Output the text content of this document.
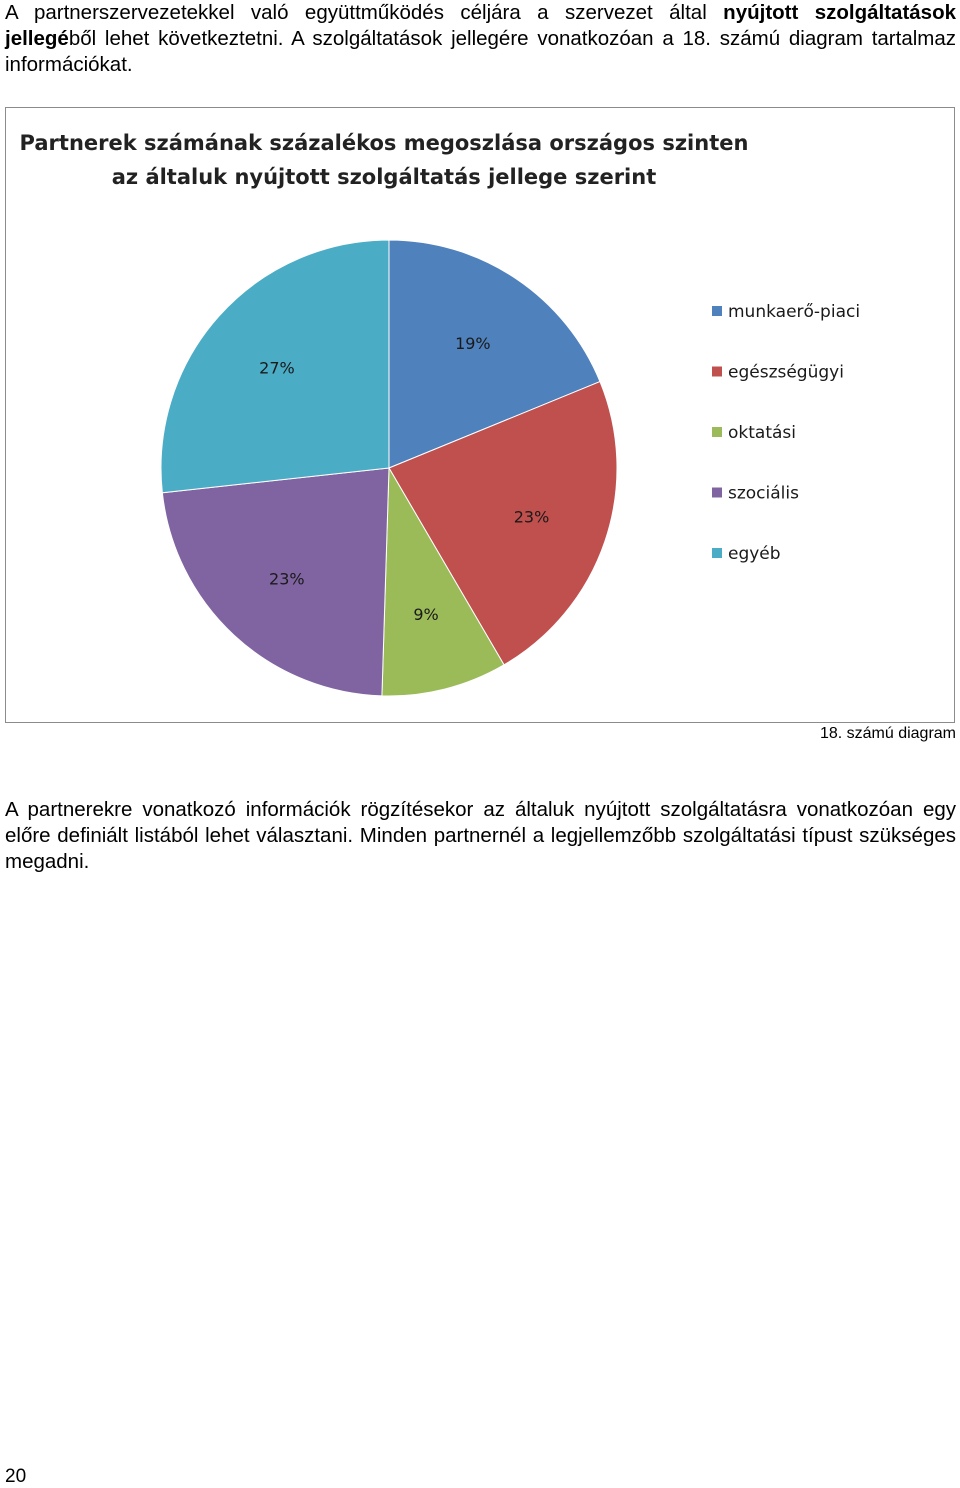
A partnerszervezetekkel való együttműködés céljára a szervezet által nyújtott szolgáltatások jellegéből lehet következtetni. A szolgáltatások jellegére vonatkozóan a 18. számú diagram tartalmaz információkat.

Partnerek számának százalékos megoszlása országos szinten
az általuk nyújtott szolgáltatás jellege szerint
19%
23%
9%
23%
27%
munkaerő-piaci
egészségügyi
oktatási
szociális
egyéb
18. számú diagram

A partnerekre vonatkozó információk rögzítésekor az általuk nyújtott szolgáltatásra vonatkozóan egy előre definiált listából lehet választani. Minden partnernél a legjellemzőbb szolgáltatási típust szükséges megadni.

20
